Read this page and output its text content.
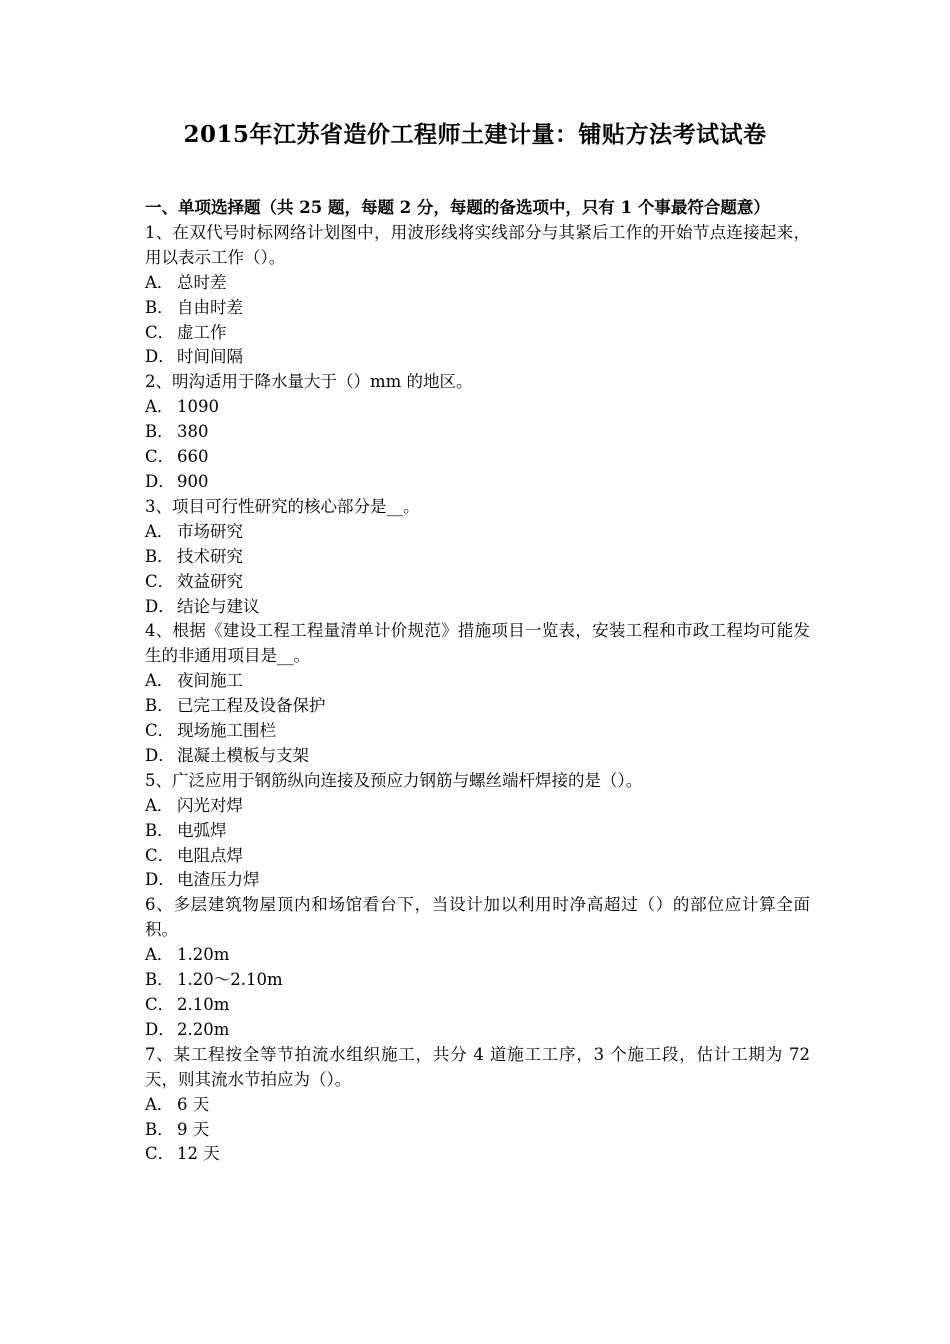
2015年江苏省造价工程师土建计量：铺贴方法考试试卷
一、单项选择题（共 25 题，每题 2 分，每题的备选项中，只有 1 个事最符合题意）
1、在双代号时标网络计划图中，用波形线将实线部分与其紧后工作的开始节点连接起来，用以表示工作（）。
A． 总时差
B． 自由时差
C． 虚工作
D． 时间间隔
2、明沟适用于降水量大于（）mm 的地区。
A． 1090
B． 380
C． 660
D． 900
3、项目可行性研究的核心部分是__。
A． 市场研究
B． 技术研究
C． 效益研究
D． 结论与建议
4、根据《建设工程工程量清单计价规范》措施项目一览表，安装工程和市政工程均可能发生的非通用项目是__。
A． 夜间施工
B． 已完工程及设备保护
C． 现场施工围栏
D． 混凝土模板与支架
5、广泛应用于钢筋纵向连接及预应力钢筋与螺丝端杆焊接的是（）。
A． 闪光对焊
B． 电弧焊
C． 电阻点焊
D． 电渣压力焊
6、多层建筑物屋顶内和场馆看台下，当设计加以利用时净高超过（）的部位应计算全面积。
A． 1.20m
B． 1.20～2.10m
C． 2.10m
D． 2.20m
7、某工程按全等节拍流水组织施工，共分 4 道施工工序，3 个施工段，估计工期为 72 天，则其流水节拍应为（）。
A． 6 天
B． 9 天
C． 12 天
